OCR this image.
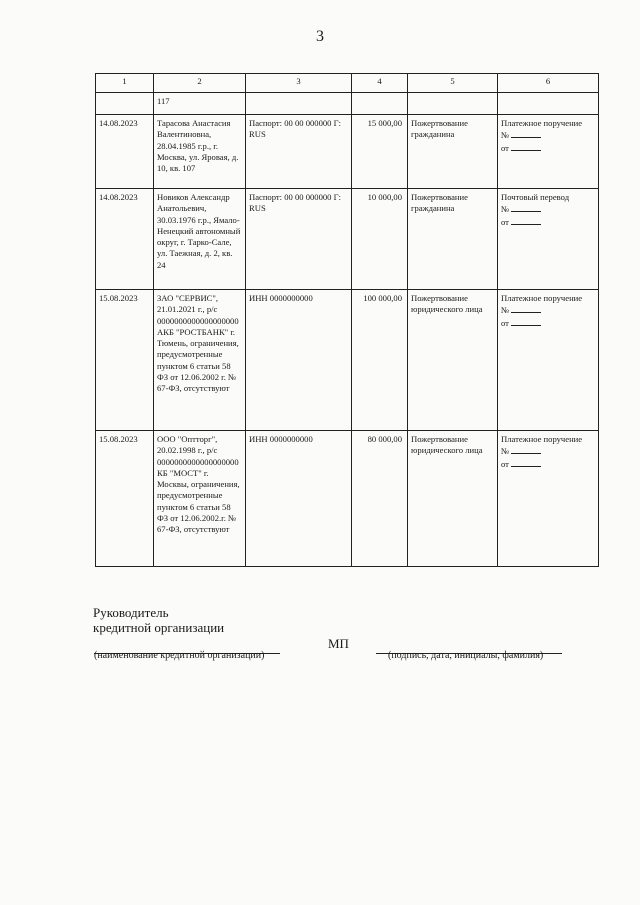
3
1	2	3	4	5	6
	117				
14.08.2023	Тарасова Анастасия Валентиновна, 28.04.1985 г.р., г. Москва, ул. Яровая, д. 10, кв. 107	Паспорт: 00 00 000000 Г: RUS	15 000,00	Пожертвование гражданина	Платежное поручение
№
от
14.08.2023	Новиков Александр Анатольевич, 30.03.1976 г.р., Ямало-Ненецкий автономный округ, г. Тарко-Сале, ул. Таежная, д. 2, кв. 24	Паспорт: 00 00 000000 Г: RUS	10 000,00	Пожертвование гражданина	Почтовый перевод
№
от
15.08.2023	ЗАО "СЕРВИС", 21.01.2021 г., р/с 0000000000000000000 АКБ "РОСТБАНК" г. Тюмень, ограничения, предусмотренные пунктом 6 статьи 58 ФЗ от 12.06.2002 г. № 67-ФЗ, отсутствуют	ИНН 0000000000	100 000,00	Пожертвование юридического лица	Платежное поручение
№
от
15.08.2023	ООО "Оптторг", 20.02.1998 г., р/с 0000000000000000000 КБ "МОСТ" г. Москвы, ограничения, предусмотренные пунктом 6 статьи 58 ФЗ от 12.06.2002.г. № 67-ФЗ, отсутствуют	ИНН 0000000000	80 000,00	Пожертвование юридического лица	Платежное поручение
№
от
Руководитель
кредитной организации
МП
(наименование кредитной организации)	(подпись, дата, инициалы, фамилия)
